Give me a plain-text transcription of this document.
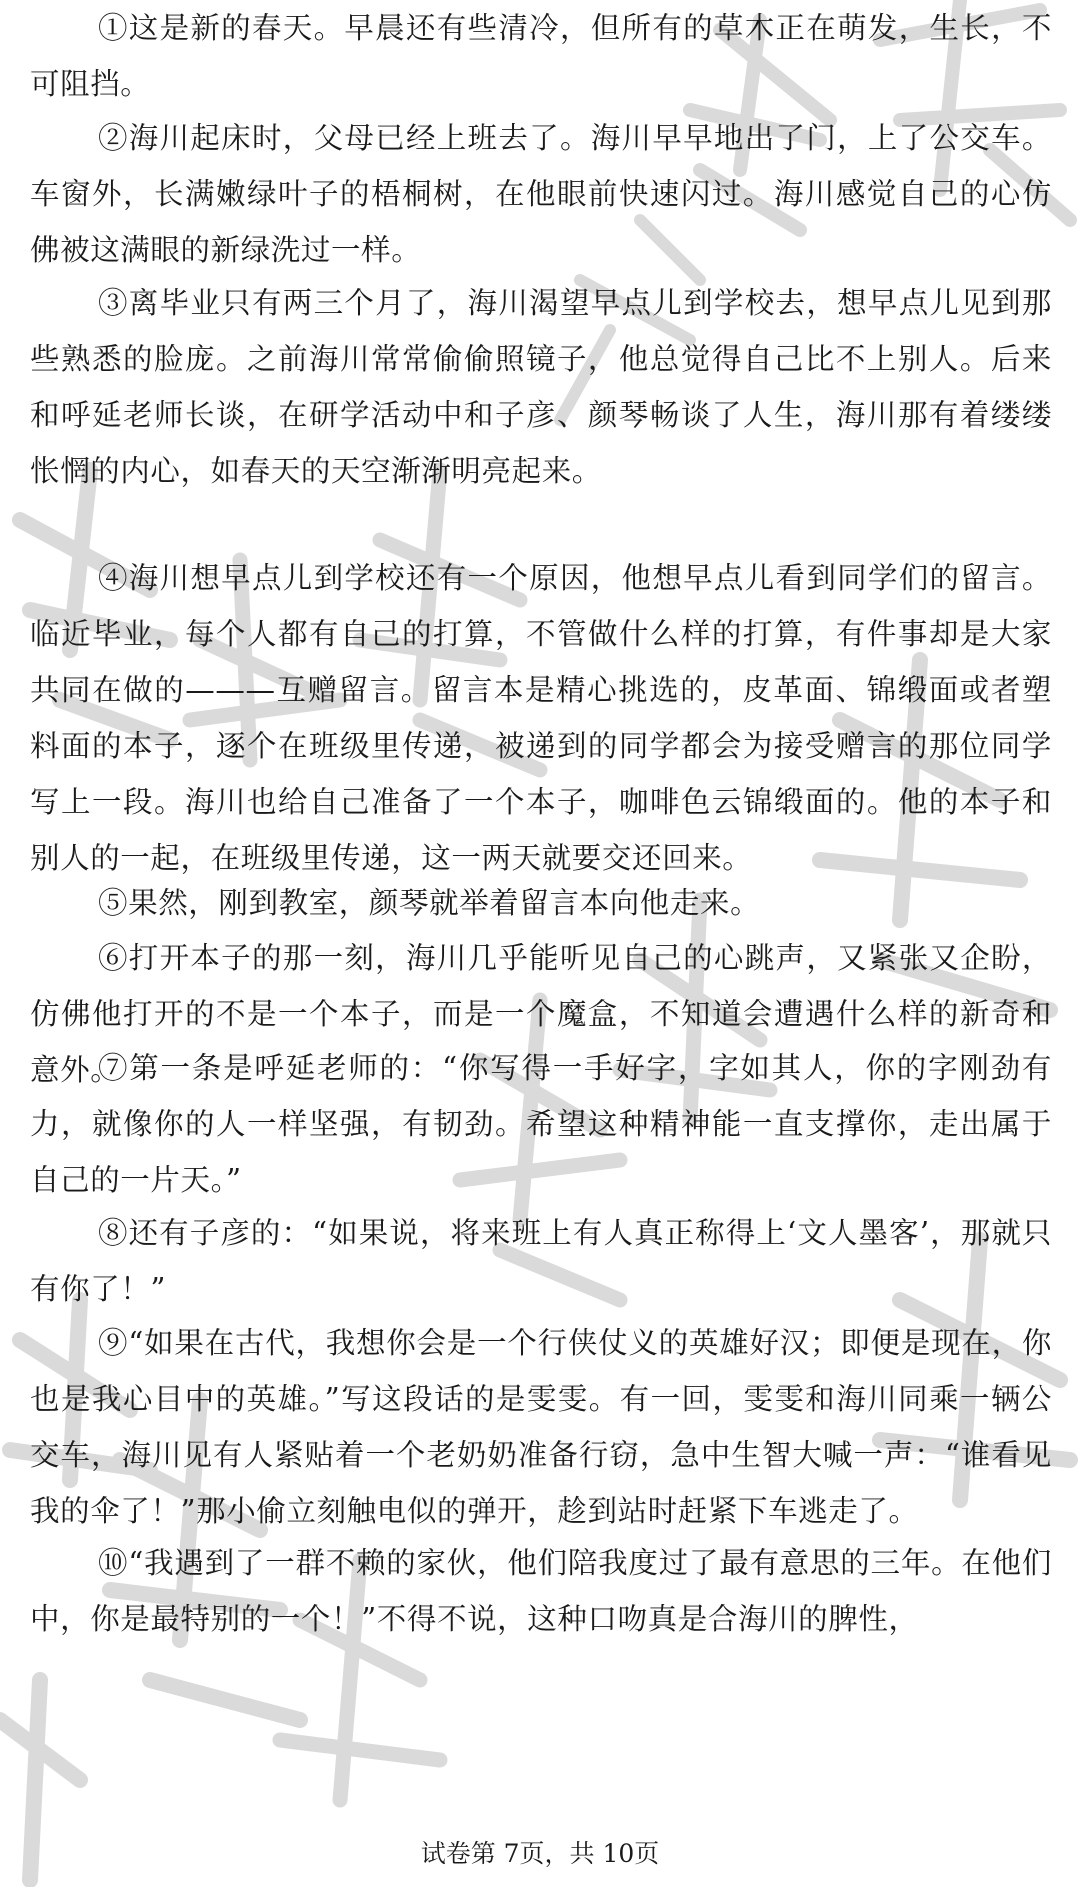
①这是新的春天。早晨还有些清冷，但所有的草木正在萌发，生长，不可阻挡。

②海川起床时，父母已经上班去了。海川早早地出了门，上了公交车。车窗外，长满嫩绿叶子的梧桐树，在他眼前快速闪过。海川感觉自己的心仿佛被这满眼的新绿洗过一样。

③离毕业只有两三个月了，海川渴望早点儿到学校去，想早点儿见到那些熟悉的脸庞。之前海川常常偷偷照镜子，他总觉得自己比不上别人。后来和呼延老师长谈，在研学活动中和子彦、颜琴畅谈了人生，海川那有着缕缕怅惘的内心，如春天的天空渐渐明亮起来。

④海川想早点儿到学校还有一个原因，他想早点儿看到同学们的留言。临近毕业，每个人都有自己的打算，不管做什么样的打算，有件事却是大家共同在做的———互赠留言。留言本是精心挑选的，皮革面、锦缎面或者塑料面的本子，逐个在班级里传递，被递到的同学都会为接受赠言的那位同学写上一段。海川也给自己准备了一个本子，咖啡色云锦缎面的。他的本子和别人的一起，在班级里传递，这一两天就要交还回来。

⑤果然，刚到教室，颜琴就举着留言本向他走来。

⑥打开本子的那一刻，海川几乎能听见自己的心跳声，又紧张又企盼，仿佛他打开的不是一个本子，而是一个魔盒，不知道会遭遇什么样的新奇和意外。

⑦第一条是呼延老师的：“你写得一手好字，字如其人，你的字刚劲有力，就像你的人一样坚强，有韧劲。希望这种精神能一直支撑你，走出属于自己的一片天。”

⑧还有子彦的：“如果说，将来班上有人真正称得上‘文人墨客’，那就只有你了！”

⑨“如果在古代，我想你会是一个行侠仗义的英雄好汉；即便是现在，你也是我心目中的英雄。”写这段话的是雯雯。有一回，雯雯和海川同乘一辆公交车，海川见有人紧贴着一个老奶奶准备行窃，急中生智大喊一声：“谁看见我的伞了！”那小偷立刻触电似的弹开，趁到站时赶紧下车逃走了。

⑩“我遇到了一群不赖的家伙，他们陪我度过了最有意思的三年。在他们中，你是最特别的一个！”不得不说，这种口吻真是合海川的脾性，

试卷第 7页，共 10页
